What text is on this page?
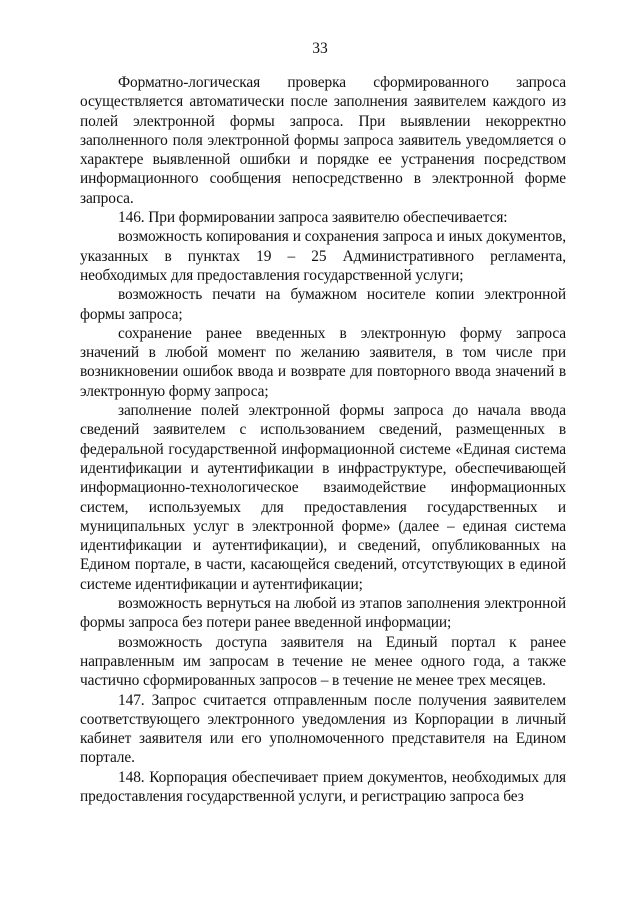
33

Форматно-логическая проверка сформированного запроса осуществляется автоматически после заполнения заявителем каждого из полей электронной формы запроса. При выявлении некорректно заполненного поля электронной формы запроса заявитель уведомляется о характере выявленной ошибки и порядке ее устранения посредством информационного сообщения непосредственно в электронной форме запроса.

146. При формировании запроса заявителю обеспечивается:

возможность копирования и сохранения запроса и иных документов, указанных в пунктах 19 – 25 Административного регламента, необходимых для предоставления государственной услуги;

возможность печати на бумажном носителе копии электронной формы запроса;

сохранение ранее введенных в электронную форму запроса значений в любой момент по желанию заявителя, в том числе при возникновении ошибок ввода и возврате для повторного ввода значений в электронную форму запроса;

заполнение полей электронной формы запроса до начала ввода сведений заявителем с использованием сведений, размещенных в федеральной государственной информационной системе «Единая система идентификации и аутентификации в инфраструктуре, обеспечивающей информационно-технологическое взаимодействие информационных систем, используемых для предоставления государственных и муниципальных услуг в электронной форме» (далее – единая система идентификации и аутентификации), и сведений, опубликованных на Едином портале, в части, касающейся сведений, отсутствующих в единой системе идентификации и аутентификации;

возможность вернуться на любой из этапов заполнения электронной формы запроса без потери ранее введенной информации;

возможность доступа заявителя на Единый портал к ранее направленным им запросам в течение не менее одного года, а также частично сформированных запросов – в течение не менее трех месяцев.

147. Запрос считается отправленным после получения заявителем соответствующего электронного уведомления из Корпорации в личный кабинет заявителя или его уполномоченного представителя на Едином портале.

148. Корпорация обеспечивает прием документов, необходимых для предоставления государственной услуги, и регистрацию запроса без
